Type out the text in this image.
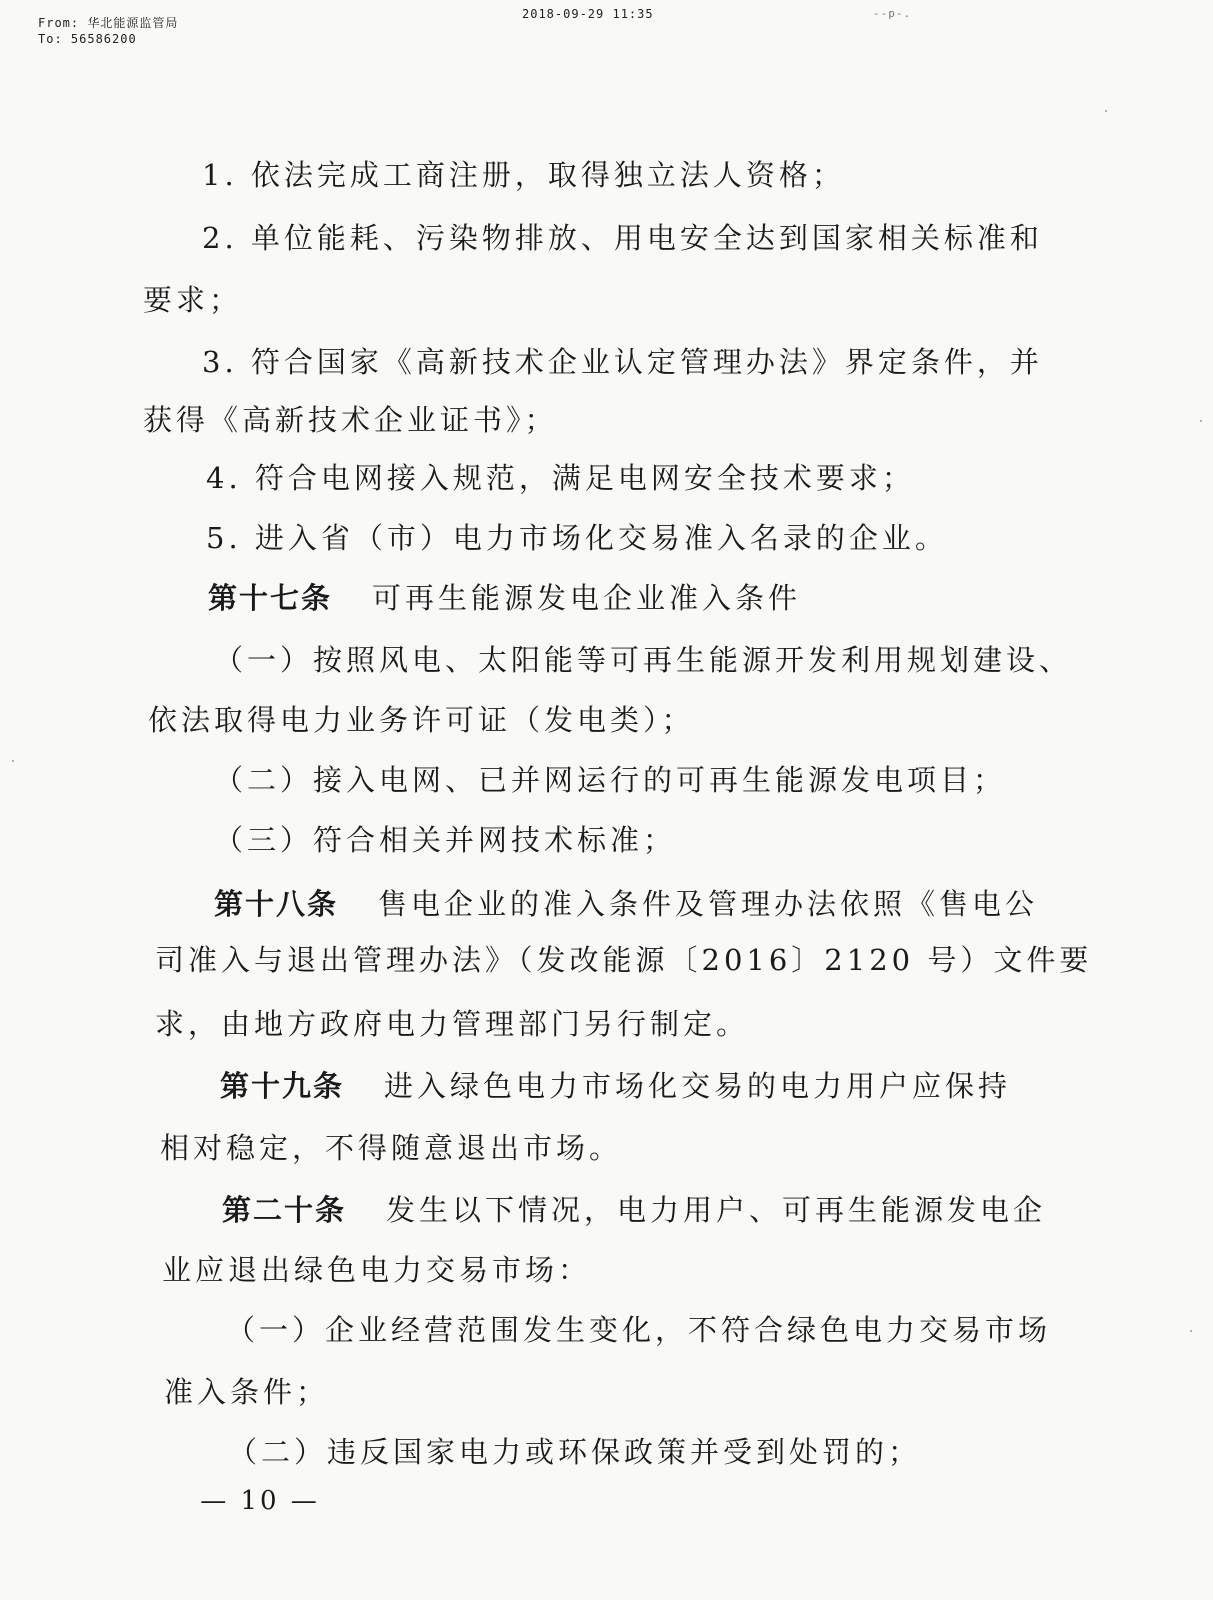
From: 华北能源监管局
To: 56586200
2018-09-29 11:35	--p-.
1. 依法完成工商注册，取得独立法人资格；
2. 单位能耗、污染物排放、用电安全达到国家相关标准和
要求；
3. 符合国家《高新技术企业认定管理办法》界定条件，并
获得《高新技术企业证书》；
4. 符合电网接入规范，满足电网安全技术要求；
5. 进入省（市）电力市场化交易准入名录的企业。
第十七条 可再生能源发电企业准入条件
（一）按照风电、太阳能等可再生能源开发利用规划建设、
依法取得电力业务许可证（发电类）；
（二）接入电网、已并网运行的可再生能源发电项目；
（三）符合相关并网技术标准；
第十八条 售电企业的准入条件及管理办法依照《售电公
司准入与退出管理办法》（发改能源〔2016〕2120 号）文件要
求，由地方政府电力管理部门另行制定。
第十九条 进入绿色电力市场化交易的电力用户应保持
相对稳定，不得随意退出市场。
第二十条 发生以下情况，电力用户、可再生能源发电企
业应退出绿色电力交易市场：
（一）企业经营范围发生变化，不符合绿色电力交易市场
准入条件；
（二）违反国家电力或环保政策并受到处罚的；
— 10 —
